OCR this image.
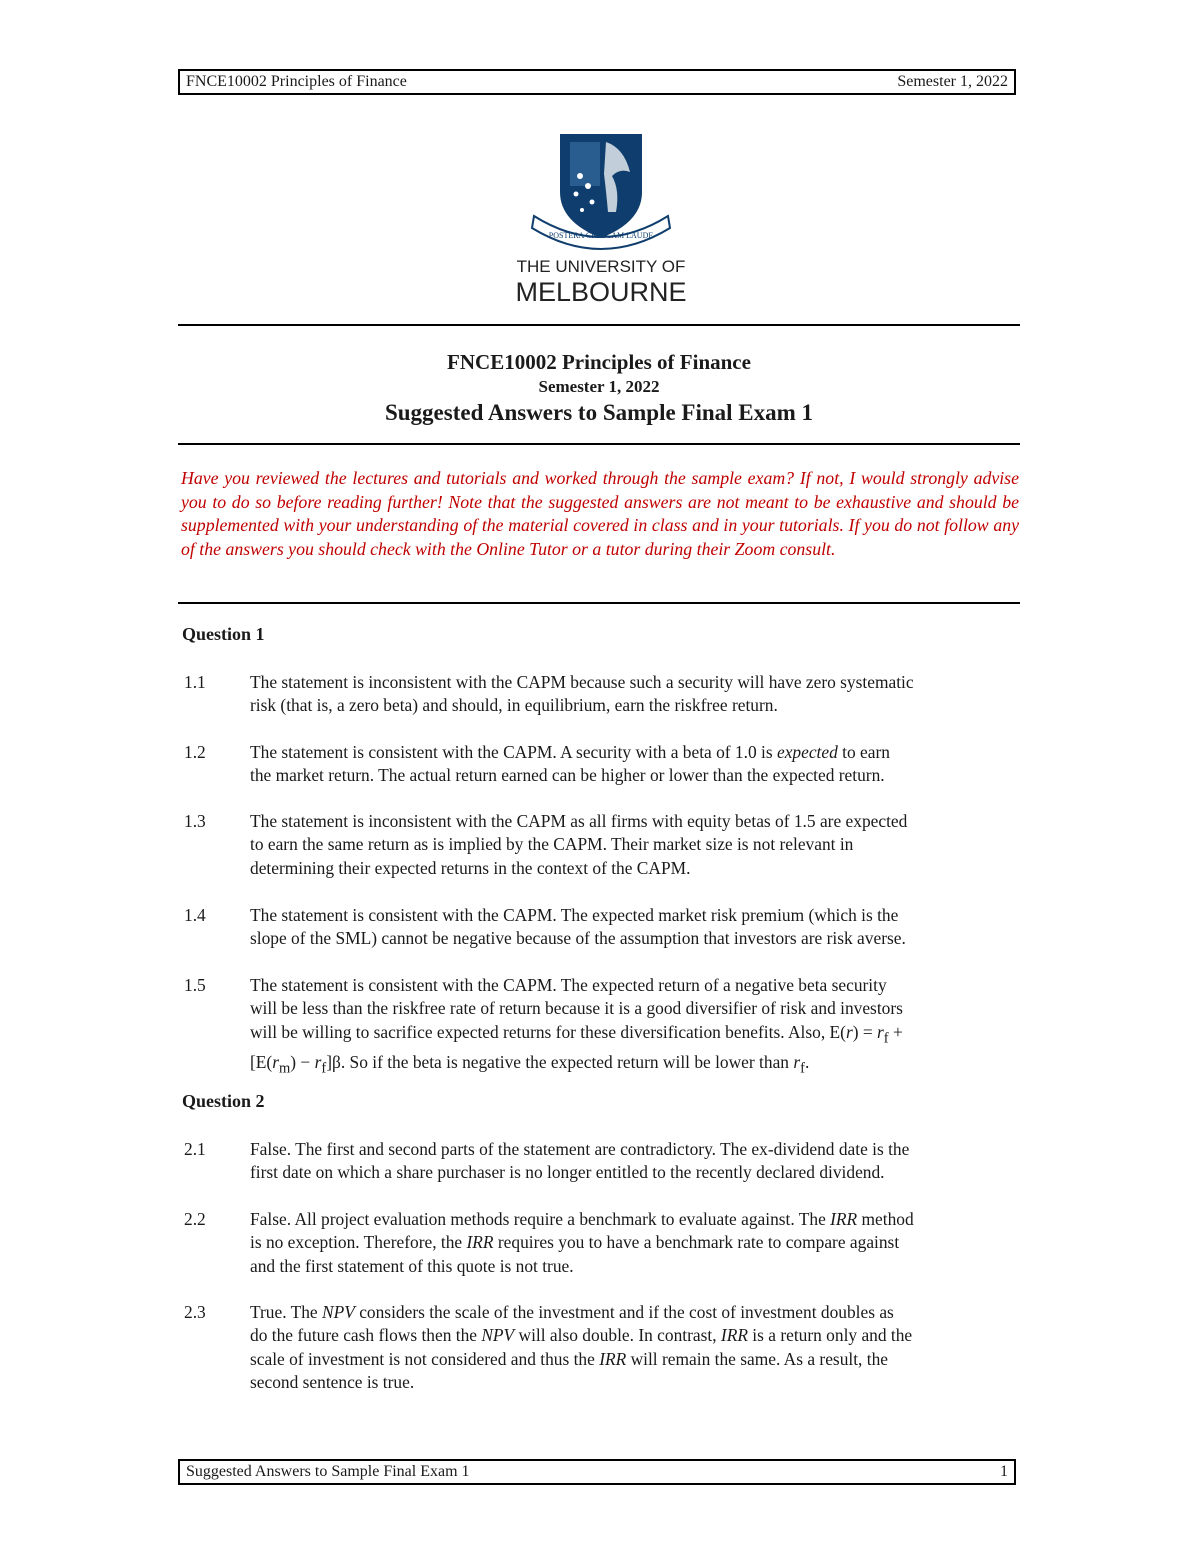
FNCE10002 Principles of Finance	Semester 1, 2022
POSTERA CRESCAM LAUDE
THE UNIVERSITY OF
MELBOURNE
FNCE10002 Principles of Finance
Semester 1, 2022
Suggested Answers to Sample Final Exam 1
Have you reviewed the lectures and tutorials and worked through the sample exam? If not, I would strongly advise you to do so before reading further! Note that the suggested answers are not meant to be exhaustive and should be supplemented with your understanding of the material covered in class and in your tutorials. If you do not follow any of the answers you should check with the Online Tutor or a tutor during their Zoom consult.
Question 1
1.1	The statement is inconsistent with the CAPM because such a security will have zero systematic
risk (that is, a zero beta) and should, in equilibrium, earn the riskfree return.
1.2	The statement is consistent with the CAPM. A security with a beta of 1.0 is expected to earn
the market return. The actual return earned can be higher or lower than the expected return.
1.3	The statement is inconsistent with the CAPM as all firms with equity betas of 1.5 are expected
to earn the same return as is implied by the CAPM. Their market size is not relevant in
determining their expected returns in the context of the CAPM.
1.4	The statement is consistent with the CAPM. The expected market risk premium (which is the
slope of the SML) cannot be negative because of the assumption that investors are risk averse.
1.5	The statement is consistent with the CAPM. The expected return of a negative beta security
will be less than the riskfree rate of return because it is a good diversifier of risk and investors
will be willing to sacrifice expected returns for these diversification benefits. Also, $E(r) = r_f$ +
$[E(r_m) - r_f]\beta$. So if the beta is negative the expected return will be lower than $r_f$.
Question 2
2.1	False. The first and second parts of the statement are contradictory. The ex-dividend date is the
first date on which a share purchaser is no longer entitled to the recently declared dividend.
2.2	False. All project evaluation methods require a benchmark to evaluate against. The IRR method
is no exception. Therefore, the IRR requires you to have a benchmark rate to compare against
and the first statement of this quote is not true.
2.3	True. The NPV considers the scale of the investment and if the cost of investment doubles as
do the future cash flows then the NPV will also double. In contrast, IRR is a return only and the
scale of investment is not considered and thus the IRR will remain the same. As a result, the
second sentence is true.
Suggested Answers to Sample Final Exam 1	1
